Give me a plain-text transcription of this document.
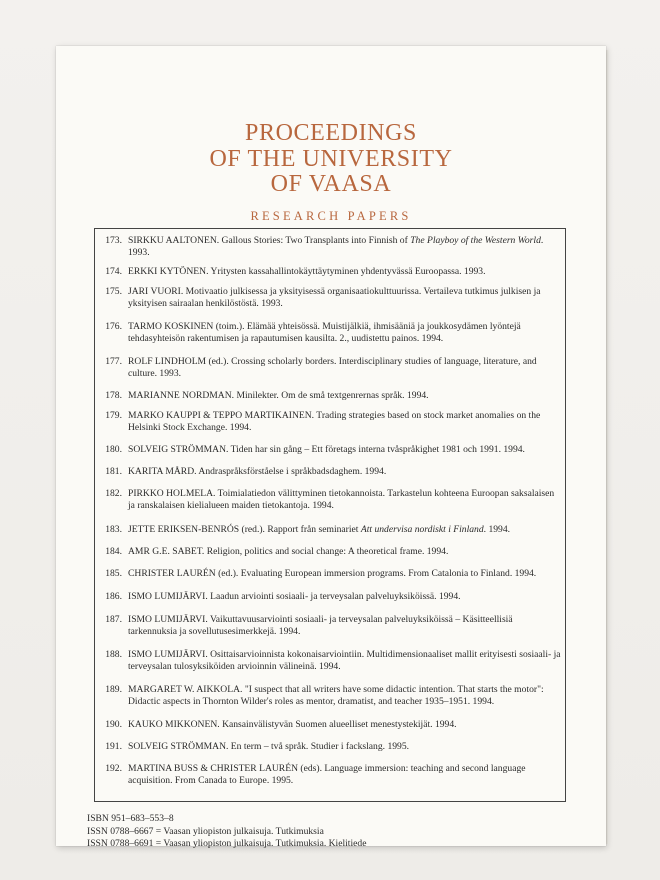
PROCEEDINGS
OF THE UNIVERSITY
OF VAASA
RESEARCH PAPERS
173. SIRKKU AALTONEN. Gallous Stories: Two Transplants into Finnish of The Playboy of the Western World. 1993.
174. ERKKI KYTÖNEN. Yritysten kassahallintokäyttäytyminen yhdentyvässä Euroopassa. 1993.
175. JARI VUORI. Motivaatio julkisessa ja yksityisessä organisaatiokulttuurissa. Vertaileva tutkimus julkisen ja yksityisen sairaalan henkilöstöstä. 1993.
176. TARMO KOSKINEN (toim.). Elämää yhteisössä. Muistijälkiä, ihmisääniä ja joukkosydämen lyöntejä tehdasyhteisön rakentumisen ja rapautumisen kausilta. 2., uudistettu painos. 1994.
177. ROLF LINDHOLM (ed.). Crossing scholarly borders. Interdisciplinary studies of language, literature, and culture. 1993.
178. MARIANNE NORDMAN. Minilekter. Om de små textgenrernas språk. 1994.
179. MARKO KAUPPI & TEPPO MARTIKAINEN. Trading strategies based on stock market anomalies on the Helsinki Stock Exchange. 1994.
180. SOLVEIG STRÖMMAN. Tiden har sin gång – Ett företags interna tvåspråkighet 1981 och 1991. 1994.
181. KARITA MÅRD. Andraspråksförståelse i språkbadsdaghem. 1994.
182. PIRKKO HOLMELA. Toimialatiedon välittyminen tietokannoista. Tarkastelun kohteena Euroopan saksalaisen ja ranskalaisen kielialueen maiden tietokantoja. 1994.
183. JETTE ERIKSEN-BENRÓS (red.). Rapport från seminariet Att undervisa nordiskt i Finland. 1994.
184. AMR G.E. SABET. Religion, politics and social change: A theoretical frame. 1994.
185. CHRISTER LAURÉN (ed.). Evaluating European immersion programs. From Catalonia to Finland. 1994.
186. ISMO LUMIJÄRVI. Laadun arviointi sosiaali- ja terveysalan palveluyksiköissä. 1994.
187. ISMO LUMIJÄRVI. Vaikuttavuusarviointi sosiaali- ja terveysalan palveluyksiköissä – Käsitteellisiä tarkennuksia ja sovellutusesimerkkejä. 1994.
188. ISMO LUMIJÄRVI. Osittaisarvioinnista kokonaisarviointiin. Multidimensionaaliset mallit erityisesti sosiaali- ja terveysalan tulosyksiköiden arvioinnin välineinä. 1994.
189. MARGARET W. AIKKOLA. "I suspect that all writers have some didactic intention. That starts the motor": Didactic aspects in Thornton Wilder's roles as mentor, dramatist, and teacher 1935–1951. 1994.
190. KAUKO MIKKONEN. Kansainvälistyvän Suomen alueelliset menestystekijät. 1994.
191. SOLVEIG STRÖMMAN. En term – två språk. Studier i fackslang. 1995.
192. MARTINA BUSS & CHRISTER LAURÉN (eds). Language immersion: teaching and second language acquisition. From Canada to Europe. 1995.
ISBN 951–683–553–8
ISSN 0788–6667 = Vaasan yliopiston julkaisuja. Tutkimuksia
ISSN 0788–6691 = Vaasan yliopiston julkaisuja. Tutkimuksia. Kielitiede
